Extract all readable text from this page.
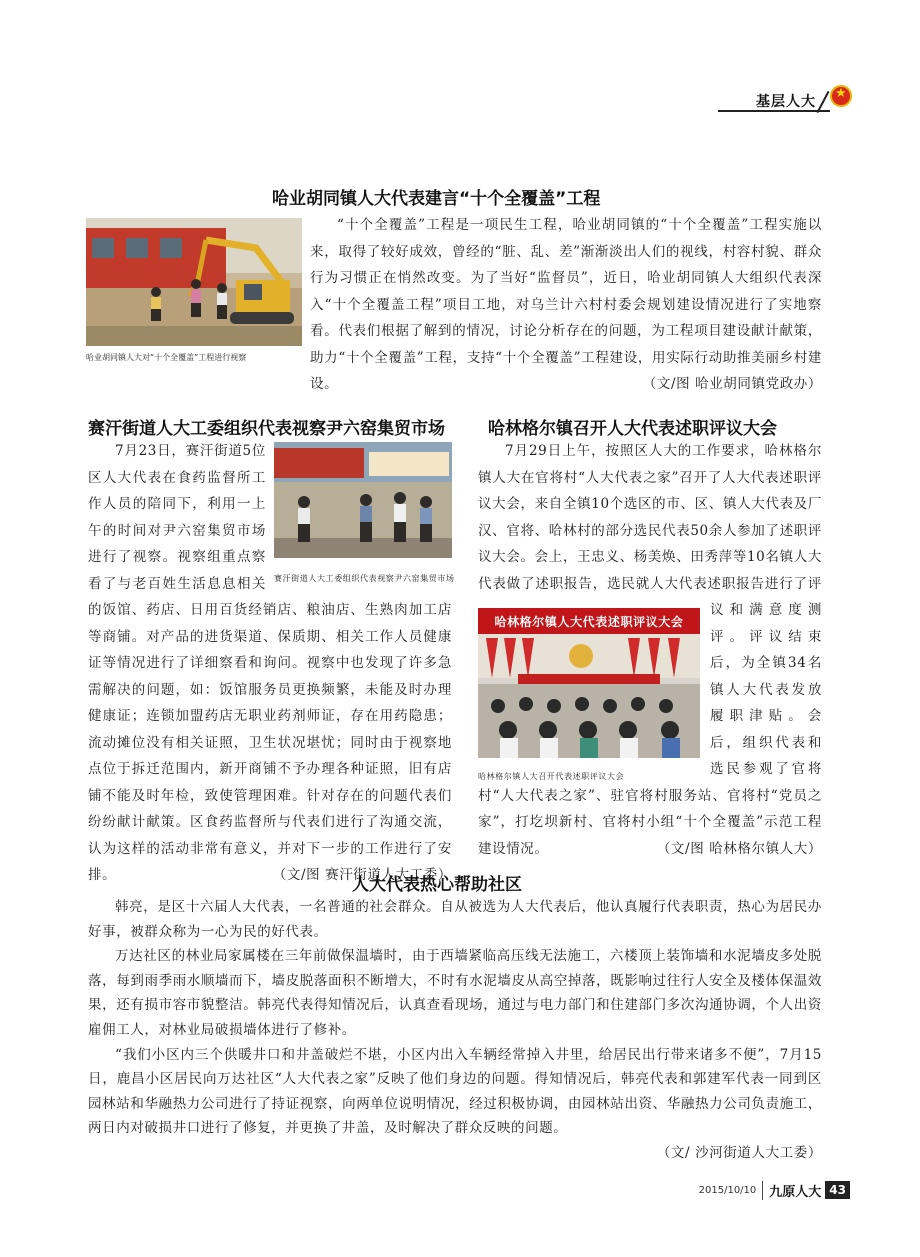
基层人大
★
哈业胡同镇人大代表建言“十个全覆盖”工程
哈业胡同镇人大对“十个全覆盖”工程进行视察

“十个全覆盖”工程是一项民生工程，哈业胡同镇的“十个全覆盖”工程实施以来，取得了较好成效，曾经的“脏、乱、差”渐渐淡出人们的视线，村容村貌、群众行为习惯正在悄然改变。为了当好“监督员”，近日，哈业胡同镇人大组织代表深入“十个全覆盖工程”项目工地，对乌兰计六村村委会规划建设情况进行了实地察看。代表们根据了解到的情况，讨论分析存在的问题，为工程项目建设献计献策，助力“十个全覆盖”工程，支持“十个全覆盖”工程建设，用实际行动助推美丽乡村建设。	（文/图 哈业胡同镇党政办）
赛汗街道人大工委组织代表视察尹六窑集贸市场
赛汗街道人大工委组织代表视察尹六窑集贸市场

7月23日，赛汗街道5位区人大代表在食药监督所工作人员的陪同下，利用一上午的时间对尹六窑集贸市场进行了视察。视察组重点察看了与老百姓生活息息相关的饭馆、药店、日用百货经销店、粮油店、生熟肉加工店等商铺。对产品的进货渠道、保质期、相关工作人员健康证等情况进行了详细察看和询问。视察中也发现了许多急需解决的问题，如：饭馆服务员更换频繁，未能及时办理健康证；连锁加盟药店无职业药剂师证，存在用药隐患；流动摊位没有相关证照，卫生状况堪忧；同时由于视察地点位于拆迁范围内，新开商铺不予办理各种证照，旧有店铺不能及时年检，致使管理困难。针对存在的问题代表们纷纷献计献策。区食药监督所与代表们进行了沟通交流，认为这样的活动非常有意义，并对下一步的工作进行了安排。	（文/图 赛汗街道人大工委）
哈林格尔镇召开人大代表述职评议大会
哈林格尔镇人大代表述职评议大会
哈林格尔镇人大召开代表述职评议大会

7月29日上午，按照区人大的工作要求，哈林格尔镇人大在官将村“人大代表之家”召开了人大代表述职评议大会，来自全镇10个选区的市、区、镇人大代表及厂汉、官将、哈林村的部分选民代表50余人参加了述职评议大会。会上，王忠义、杨美焕、田秀萍等10名镇人大代表做了述职报告，选民就人大代表述职报告进行了评议和满意度测评。评议结束后，为全镇34名镇人大代表发放履职津贴。会后，组织代表和选民参观了官将村“人大代表之家”、驻官将村服务站、官将村“党员之家”，打圪坝新村、官将村小组“十个全覆盖”示范工程建设情况。	（文/图 哈林格尔镇人大）
人大代表热心帮助社区

韩亮，是区十六届人大代表，一名普通的社会群众。自从被选为人大代表后，他认真履行代表职责，热心为居民办好事，被群众称为一心为民的好代表。

万达社区的林业局家属楼在三年前做保温墙时，由于西墙紧临高压线无法施工，六楼顶上装饰墙和水泥墙皮多处脱落，每到雨季雨水顺墙而下，墙皮脱落面积不断增大，不时有水泥墙皮从高空掉落，既影响过往行人安全及楼体保温效果，还有损市容市貌整洁。韩亮代表得知情况后，认真查看现场，通过与电力部门和住建部门多次沟通协调，个人出资雇佣工人，对林业局破损墙体进行了修补。

“我们小区内三个供暖井口和井盖破烂不堪，小区内出入车辆经常掉入井里，给居民出行带来诸多不便”，7月15日，鹿昌小区居民向万达社区“人大代表之家”反映了他们身边的问题。得知情况后，韩亮代表和郭建军代表一同到区园林站和华融热力公司进行了持证视察，向两单位说明情况，经过积极协调，由园林站出资、华融热力公司负责施工，两日内对破损井口进行了修复，并更换了井盖，及时解决了群众反映的问题。

（文/ 沙河街道人大工委）
2015/10/10	九原人大 43
